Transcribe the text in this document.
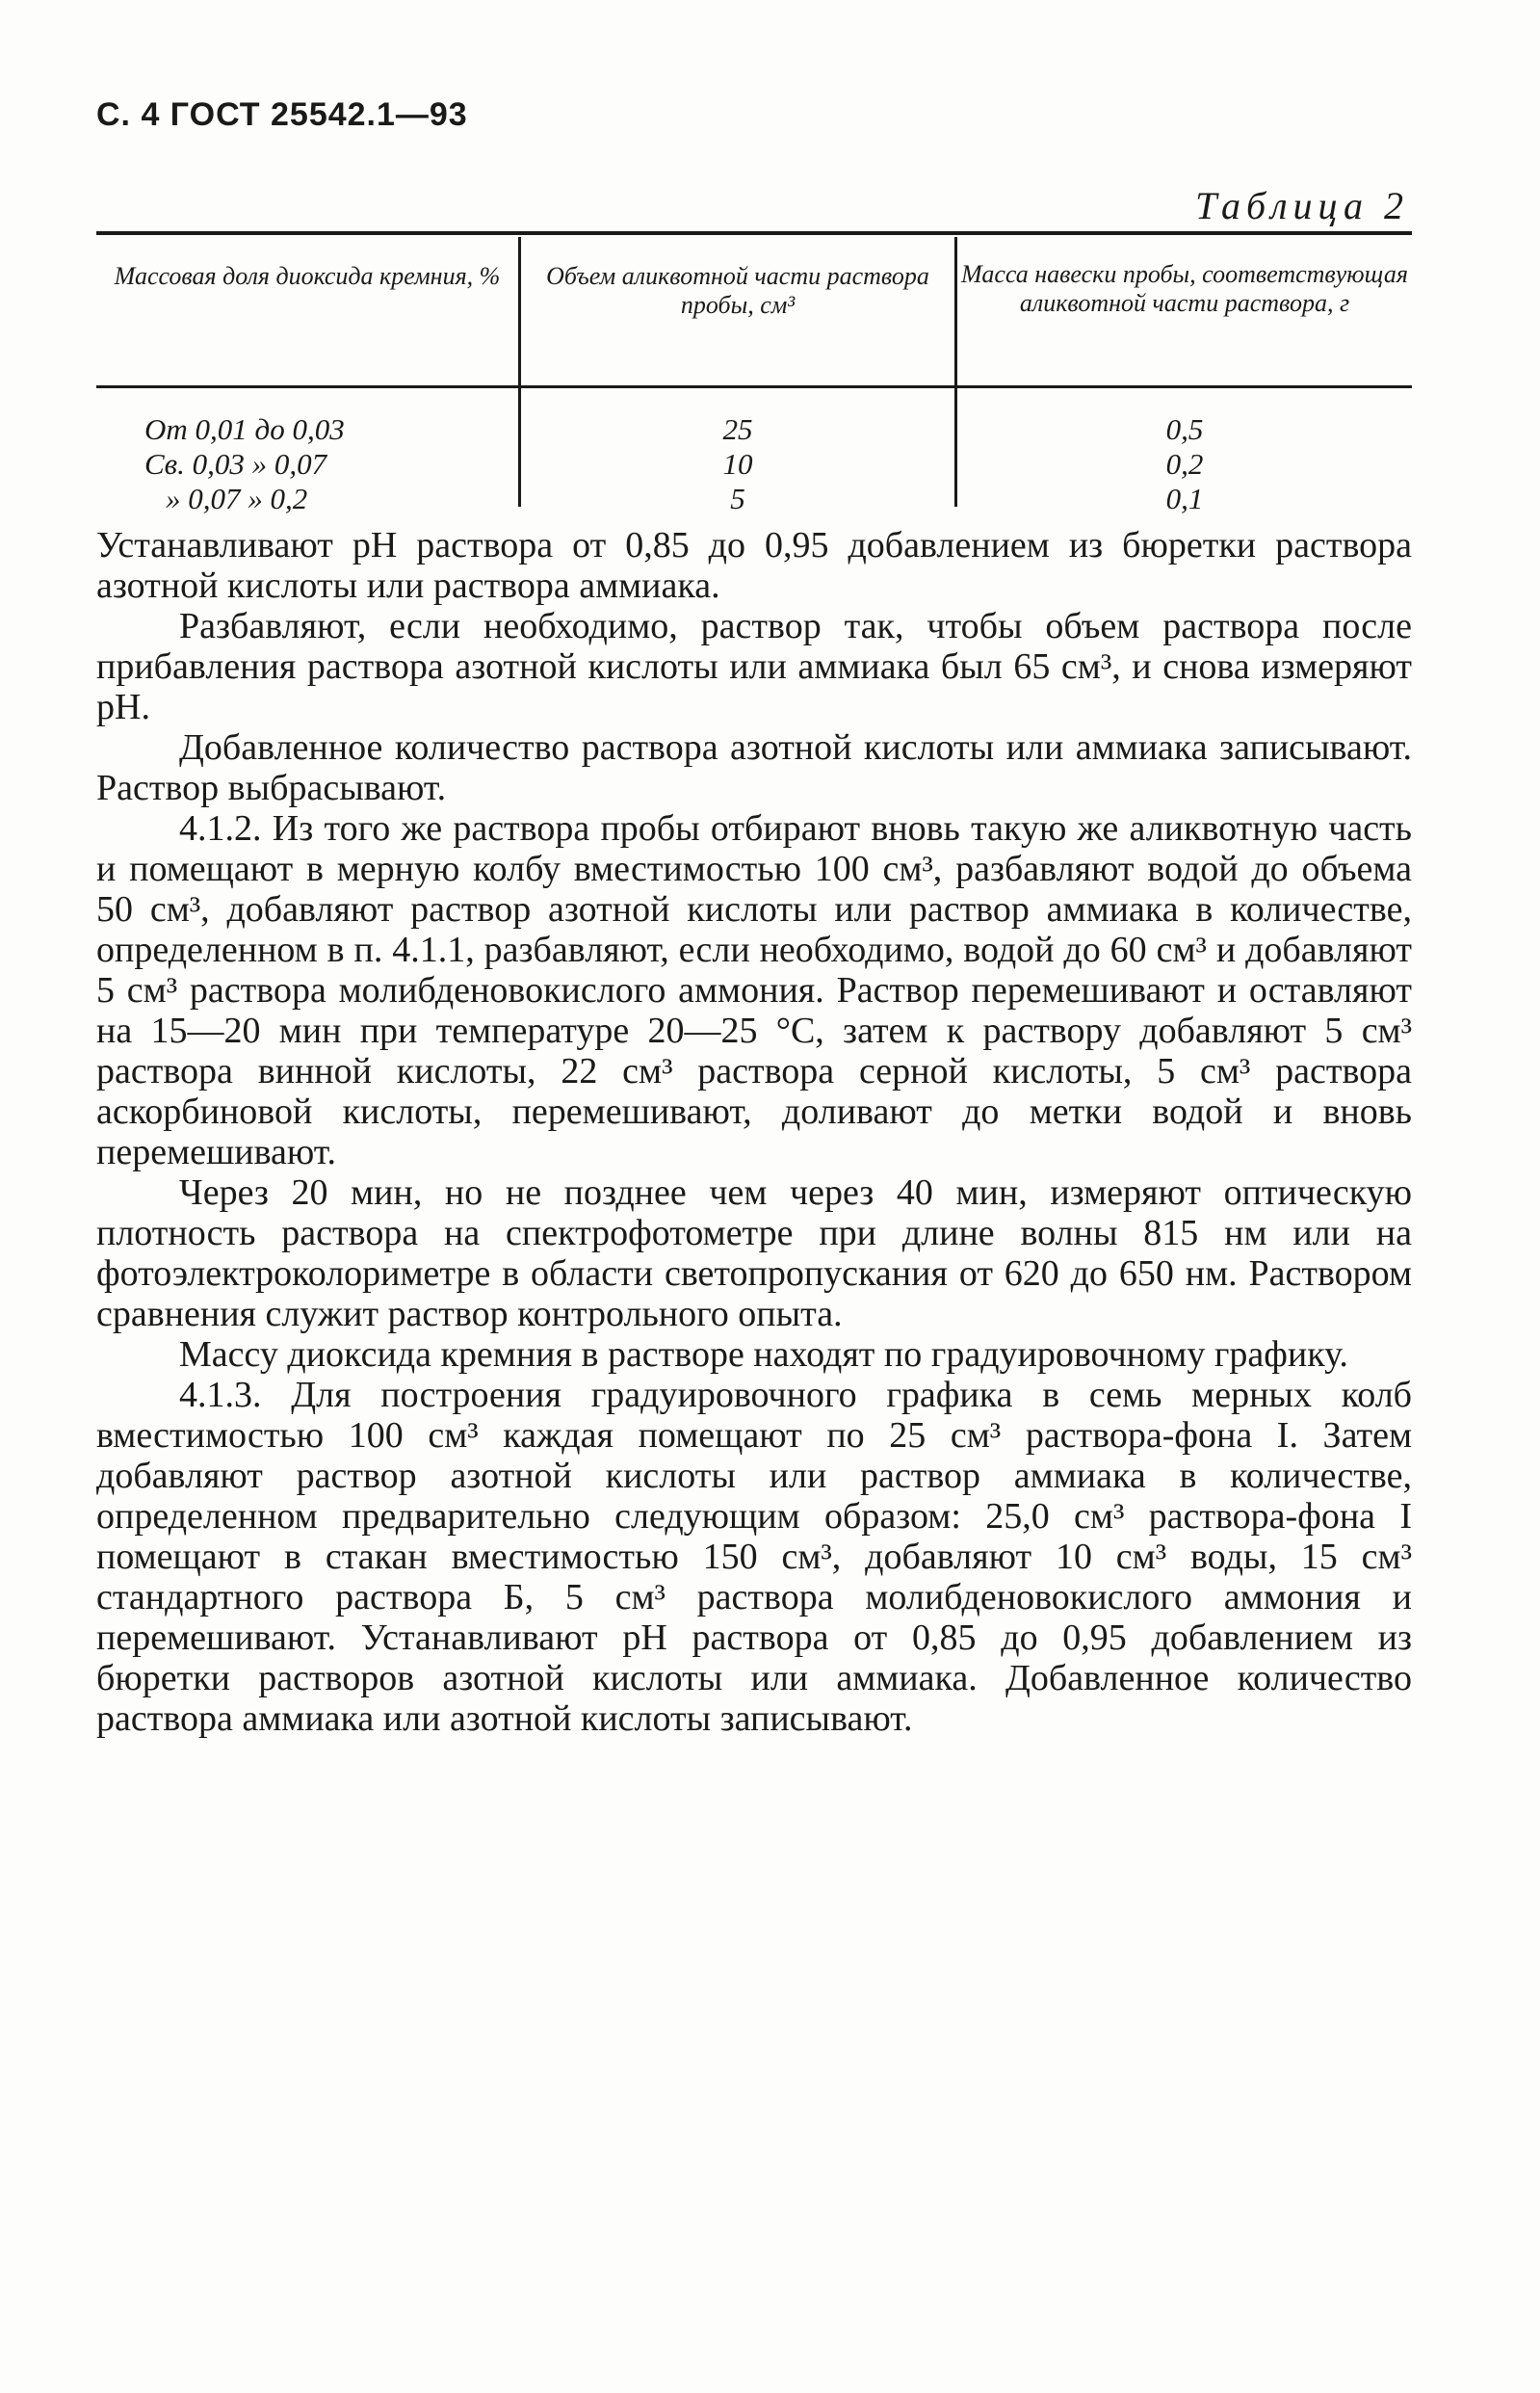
С. 4 ГОСТ 25542.1—93
Таблица 2
Массовая доля диоксида кремния, %	Объем аликвотной части раствора пробы, см³
Масса навески пробы, соответствующая аликвотной части раствора, г
От 0,01 до 0,03
Св. 0,03 » 0,07
» 0,07 » 0,2
25
10
5
0,5
0,2
0,1

Устанавливают pH раствора от 0,85 до 0,95 добавлением из бюретки раствора азотной кислоты или раствора аммиака.

Разбавляют, если необходимо, раствор так, чтобы объем раствора после прибавления раствора азотной кислоты или аммиака был 65 см³, и снова измеряют pH.

Добавленное количество раствора азотной кислоты или аммиака записывают. Раствор выбрасывают.

4.1.2. Из того же раствора пробы отбирают вновь такую же аликвотную часть и помещают в мерную колбу вместимостью 100 см³, разбавляют водой до объема 50 см³, добавляют раствор азотной кислоты или раствор аммиака в количестве, определенном в п. 4.1.1, разбавляют, если необходимо, водой до 60 см³ и добавляют 5 см³ раствора молибденовокислого аммония. Раствор перемешивают и оставляют на 15—20 мин при температуре 20—25 °С, затем к раствору добавляют 5 см³ раствора винной кислоты, 22 см³ раствора серной кислоты, 5 см³ раствора аскорбиновой кислоты, перемешивают, доливают до метки водой и вновь перемешивают.

Через 20 мин, но не позднее чем через 40 мин, измеряют оптическую плотность раствора на спектрофотометре при длине волны 815 нм или на фотоэлектроколориметре в области светопропускания от 620 до 650 нм. Раствором сравнения служит раствор контрольного опыта.

Массу диоксида кремния в растворе находят по градуировочному графику.

4.1.3. Для построения градуировочного графика в семь мерных колб вместимостью 100 см³ каждая помещают по 25 см³ раствора-фона I. Затем добавляют раствор азотной кислоты или раствор аммиака в количестве, определенном предварительно следующим образом: 25,0 см³ раствора-фона I помещают в стакан вместимостью 150 см³, добавляют 10 см³ воды, 15 см³ стандартного раствора Б, 5 см³ раствора молибденовокислого аммония и перемешивают. Устанавливают pH раствора от 0,85 до 0,95 добавлением из бюретки растворов азотной кислоты или аммиака. Добавленное количество раствора аммиака или азотной кислоты записывают.
